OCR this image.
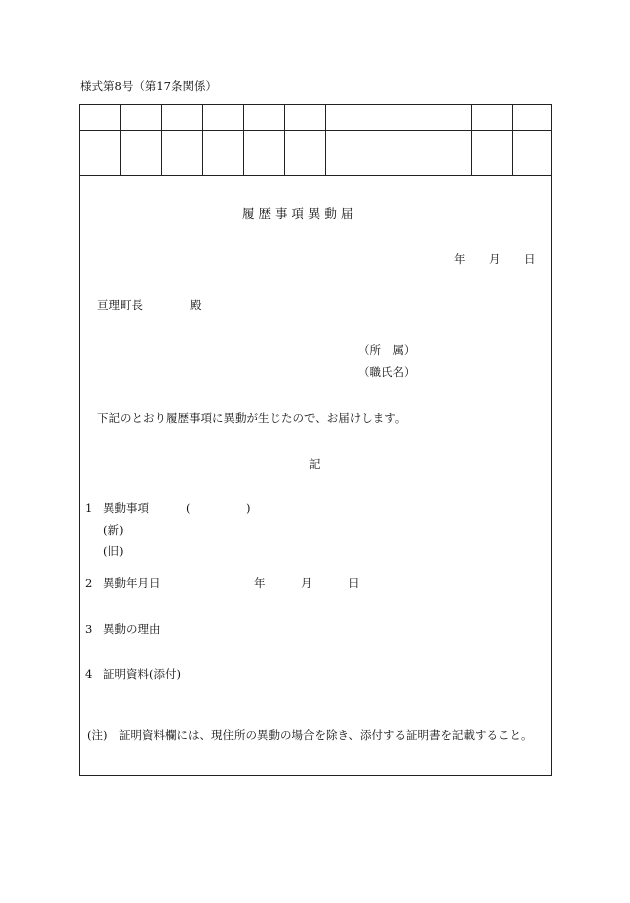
様式第8号（第17条関係）
履 歴 事 項 異 動 届
年 月 日
亘理町長	殿
（所　属）
（職氏名）
下記のとおり履歴事項に異動が生じたので、お届けします。
記
1 異動事項	(	)
(新)
(旧)
2 異動年月日	年	月	日
3 異動の理由
4 証明資料(添付)
(注)　証明資料欄には、現住所の異動の場合を除き、添付する証明書を記載すること。
